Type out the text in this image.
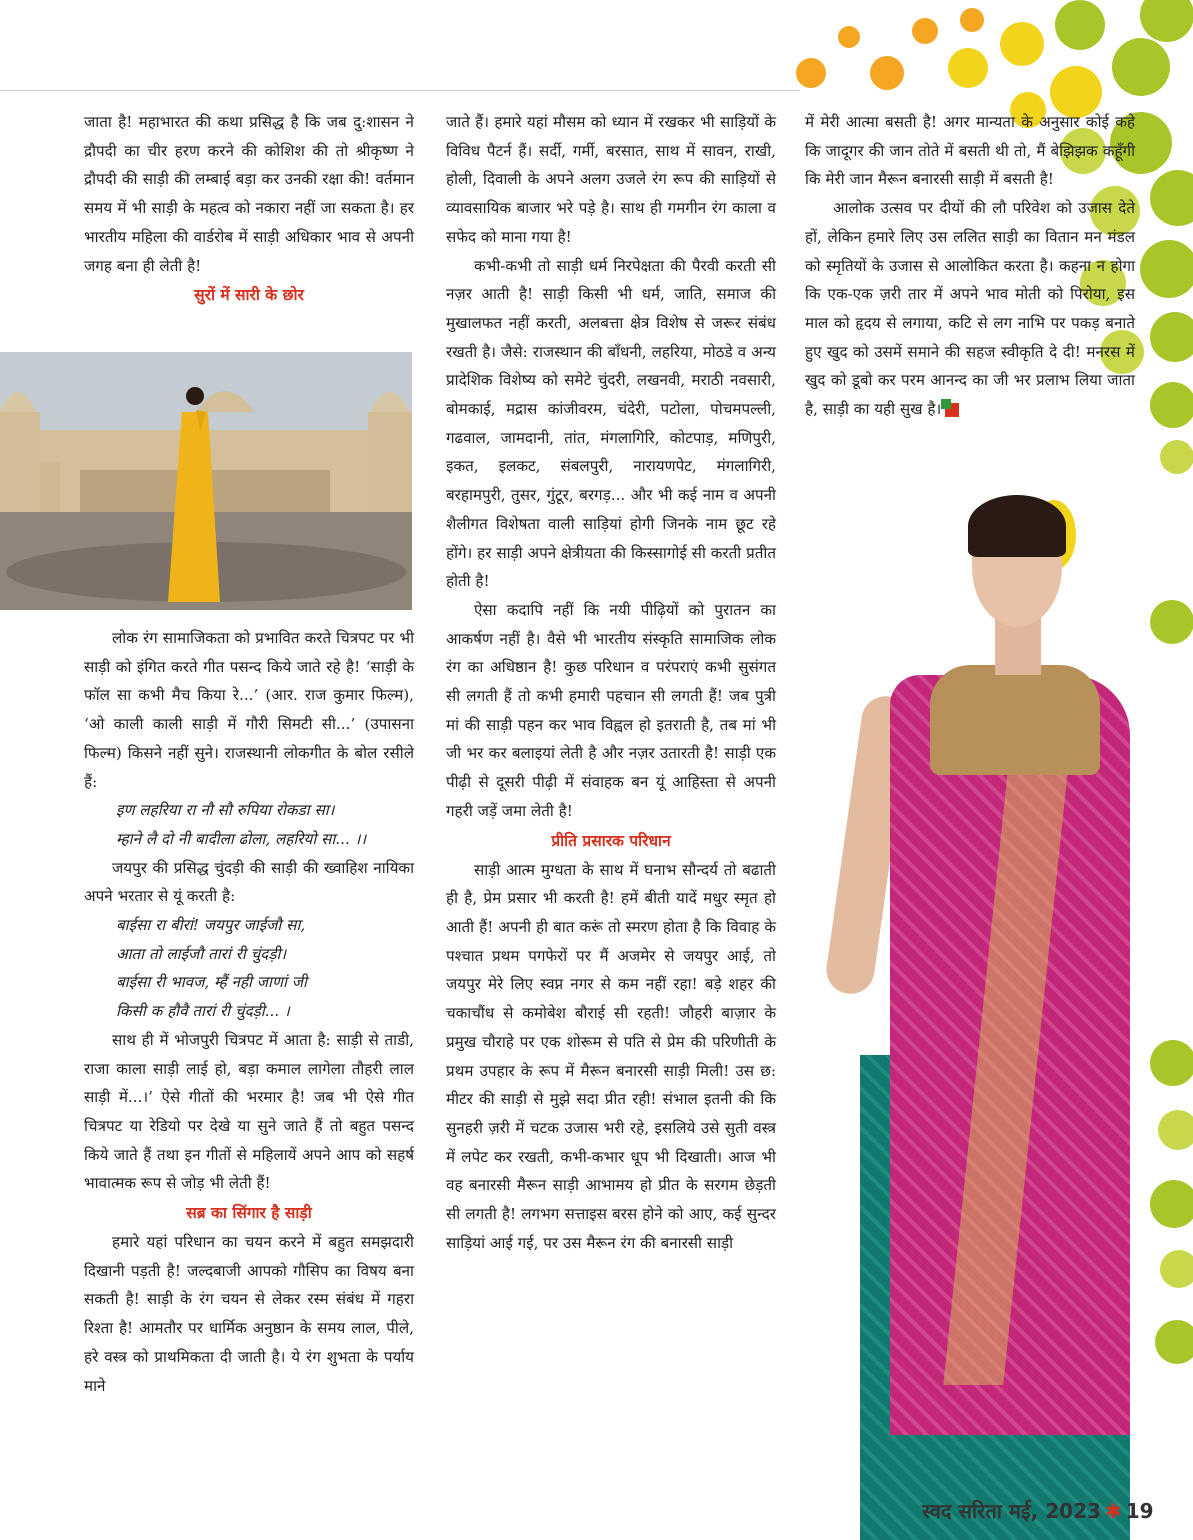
जाता है! महाभारत की कथा प्रसिद्ध है कि जब दु:शासन ने द्रौपदी का चीर हरण करने की कोशिश की तो श्रीकृष्ण ने द्रौपदी की साड़ी की लम्बाई बड़ा कर उनकी रक्षा की! वर्तमान समय में भी साड़ी के महत्व को नकारा नहीं जा सकता है। हर भारतीय महिला की वार्डरोब में साड़ी अधिकार भाव से अपनी जगह बना ही लेती है!

सुरों में सारी के छोर

लोक रंग सामाजिकता को प्रभावित करते चित्रपट पर भी साड़ी को इंगित करते गीत पसन्द किये जाते रहे है! ‘साड़ी के फॉल सा कभी मैच किया रे...’ (आर. राज कुमार फिल्म), ‘ओ काली काली साड़ी में गौरी सिमटी सी...’ (उपासना फिल्म) किसने नहीं सुने। राजस्थानी लोकगीत के बोल रसीले हैं:

इण लहरिया रा नौ सौ रुपिया रोकडा सा।

म्हाने लै दो नी बादीला ढोला, लहरियो सा... ।।

जयपुर की प्रसिद्ध चुंदड़ी की साड़ी की ख्वाहिश नायिका अपने भरतार से यूं करती है:

बाईसा रा बीरां! जयपुर जाईजौ सा,

आता तो लाईजौ तारां री चुंदड़ी।

बाईसा री भावज, म्हैं नही जाणां जी

किसी क हौवै तारां री चुंदड़ी... ।

साथ ही में भोजपुरी चित्रपट में आता है: साड़ी से ताडी, राजा काला साड़ी लाई हो, बड़ा कमाल लागेला तौहरी लाल साड़ी में...।’ ऐसे गीतों की भरमार है! जब भी ऐसे गीत चित्रपट या रेडियो पर देखे या सुने जाते हैं तो बहुत पसन्द किये जाते हैं तथा इन गीतों से महिलायें अपने आप को सहर्ष भावात्मक रूप से जोड़ भी लेती हैं!

सब्र का सिंगार है साड़ी

हमारे यहां परिधान का चयन करने में बहुत समझदारी दिखानी पड़ती है! जल्दबाजी आपको गौसिप का विषय बना सकती है! साड़ी के रंग चयन से लेकर रस्म संबंध में गहरा रिश्ता है! आमतौर पर धार्मिक अनुष्ठान के समय लाल, पीले, हरे वस्त्र को प्राथमिकता दी जाती है। ये रंग शुभता के पर्याय माने

जाते हैं। हमारे यहां मौसम को ध्यान में रखकर भी साड़ियों के विविध पैटर्न हैं। सर्दी, गर्मी, बरसात, साथ में सावन, राखी, होली, दिवाली के अपने अलग उजले रंग रूप की साड़ियों से व्यावसायिक बाजार भरे पड़े है। साथ ही गमगीन रंग काला व सफेद को माना गया है!

कभी-कभी तो साड़ी धर्म निरपेक्षता की पैरवी करती सी नज़र आती है! साड़ी किसी भी धर्म, जाति, समाज की मुखालफत नहीं करती, अलबत्ता क्षेत्र विशेष से जरूर संबंध रखती है। जैसे: राजस्थान की बाँधनी, लहरिया, मोठडे व अन्य प्रादेशिक विशेष्य को समेटे चुंदरी, लखनवी, मराठी नवसारी, बोमकाई, मद्रास कांजीवरम, चंदेरी, पटोला, पोचमपल्ली, गढवाल, जामदानी, तांत, मंगलागिरि, कोटपाड़, मणिपुरी, इकत, इलकट, संबलपुरी, नारायणपेट, मंगलागिरी, बरहामपुरी, तुसर, गुंटूर, बरगड़... और भी कई नाम व अपनी शैलीगत विशेषता वाली साड़ियां होगी जिनके नाम छूट रहे होंगे। हर साड़ी अपने क्षेत्रीयता की किस्सागोई सी करती प्रतीत होती है!

ऐसा कदापि नहीं कि नयी पीढ़ियों को पुरातन का आकर्षण नहीं है। वैसे भी भारतीय संस्कृति सामाजिक लोक रंग का अधिष्ठान है! कुछ परिधान व परंपराएं कभी सुसंगत सी लगती हैं तो कभी हमारी पहचान सी लगती हैं! जब पुत्री मां की साड़ी पहन कर भाव विह्वल हो इतराती है, तब मां भी जी भर कर बलाइयां लेती है और नज़र उतारती है! साड़ी एक पीढ़ी से दूसरी पीढ़ी में संवाहक बन यूं आहिस्ता से अपनी गहरी जड़ें जमा लेती है!

प्रीति प्रसारक परिधान

साड़ी आत्म मुग्धता के साथ में घनाभ सौन्दर्य तो बढाती ही है, प्रेम प्रसार भी करती है! हमें बीती यादें मधुर स्मृत हो आती हैं! अपनी ही बात करूं तो स्मरण होता है कि विवाह के पश्चात प्रथम पगफेरों पर मैं अजमेर से जयपुर आई, तो जयपुर मेरे लिए स्वप्न नगर से कम नहीं रहा! बड़े शहर की चकाचौंध से कमोबेश बौराई सी रहती! जौहरी बाज़ार के प्रमुख चौराहे पर एक शोरूम से पति से प्रेम की परिणीती के प्रथम उपहार के रूप में मैरून बनारसी साड़ी मिली! उस छ: मीटर की साड़ी से मुझे सदा प्रीत रही! संभाल इतनी की कि सुनहरी ज़री में चटक उजास भरी रहे, इसलिये उसे सुती वस्त्र में लपेट कर रखती, कभी-कभार धूप भी दिखाती। आज भी वह बनारसी मैरून साड़ी आभामय हो प्रीत के सरगम छेड़ती सी लगती है! लगभग सत्ताइस बरस होने को आए, कई सुन्दर साड़ियां आई गई, पर उस मैरून रंग की बनारसी साड़ी

में मेरी आत्मा बसती है! अगर मान्यता के अनुसार कोई कहे कि जादूगर की जान तोते में बसती थी तो, मैं बेझिझक कहूँगी कि मेरी जान मैरून बनारसी साड़ी में बसती है!

आलोक उत्सव पर दीयों की लौ परिवेश को उजास देते हों, लेकिन हमारे लिए उस ललित साड़ी का वितान मन मंडल को स्मृतियों के उजास से आलोकित करता है। कहना न होगा कि एक-एक ज़री तार में अपने भाव मोती को पिरोया, इस माल को हृदय से लगाया, कटि से लग नाभि पर पकड़ बनाते हुए खुद को उसमें समाने की सहज स्वीकृति दे दी! मनरस में खुद को डूबो कर परम आनन्द का जी भर प्रलाभ लिया जाता है, साड़ी का यही सुख है।

स्वद सरिता मई, 2023 ✱ 19
